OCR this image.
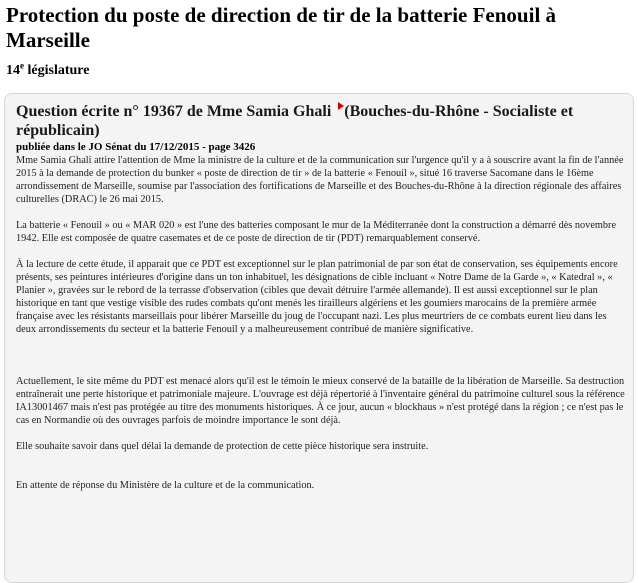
Protection du poste de direction de tir de la batterie Fenouil à Marseille
14e législature
Question écrite n° 19367 de Mme Samia Ghali (Bouches-du-Rhône - Socialiste et républicain)
publiée dans le JO Sénat du 17/12/2015 - page 3426

Mme Samia Ghali attire l'attention de Mme la ministre de la culture et de la communication sur l'urgence qu'il y a à souscrire avant la fin de l'année 2015 à la demande de protection du bunker « poste de direction de tir » de la batterie « Fenouil », situé 16 traverse Sacomane dans le 16ème arrondissement de Marseille, soumise par l'association des fortifications de Marseille et des Bouches-du-Rhône à la direction régionale des affaires culturelles (DRAC) le 26 mai 2015.

La batterie « Fenouil » ou « MAR 020 » est l'une des batteries composant le mur de la Méditerranée dont la construction a démarré dès novembre 1942. Elle est composée de quatre casemates et de ce poste de direction de tir (PDT) remarquablement conservé.

À la lecture de cette étude, il apparait que ce PDT est exceptionnel sur le plan patrimonial de par son état de conservation, ses équipements encore présents, ses peintures intérieures d'origine dans un ton inhabituel, les désignations de cible incluant « Notre Dame de la Garde », « Katedral », « Planier », gravées sur le rebord de la terrasse d'observation (cibles que devait détruire l'armée allemande). Il est aussi exceptionnel sur le plan historique en tant que vestige visible des rudes combats qu'ont menés les tirailleurs algériens et les goumiers marocains de la première armée française avec les résistants marseillais pour libérer Marseille du joug de l'occupant nazi. Les plus meurtriers de ce combats eurent lieu dans les deux arrondissements du secteur et la batterie Fenouil y a malheureusement contribué de manière significative.

Actuellement, le site même du PDT est menacé alors qu'il est le témoin le mieux conservé de la bataille de la libération de Marseille. Sa destruction entraînerait une perte historique et patrimoniale majeure. L'ouvrage est déjà répertorié à l'inventaire général du patrimoine culturel sous la référence IA13001467 mais n'est pas protégée au titre des monuments historiques. À ce jour, aucun « blockhaus » n'est protégé dans la région ; ce n'est pas le cas en Normandie où des ouvrages parfois de moindre importance le sont déjà.

Elle souhaite savoir dans quel délai la demande de protection de cette pièce historique sera instruite.

En attente de réponse du Ministère de la culture et de la communication.
